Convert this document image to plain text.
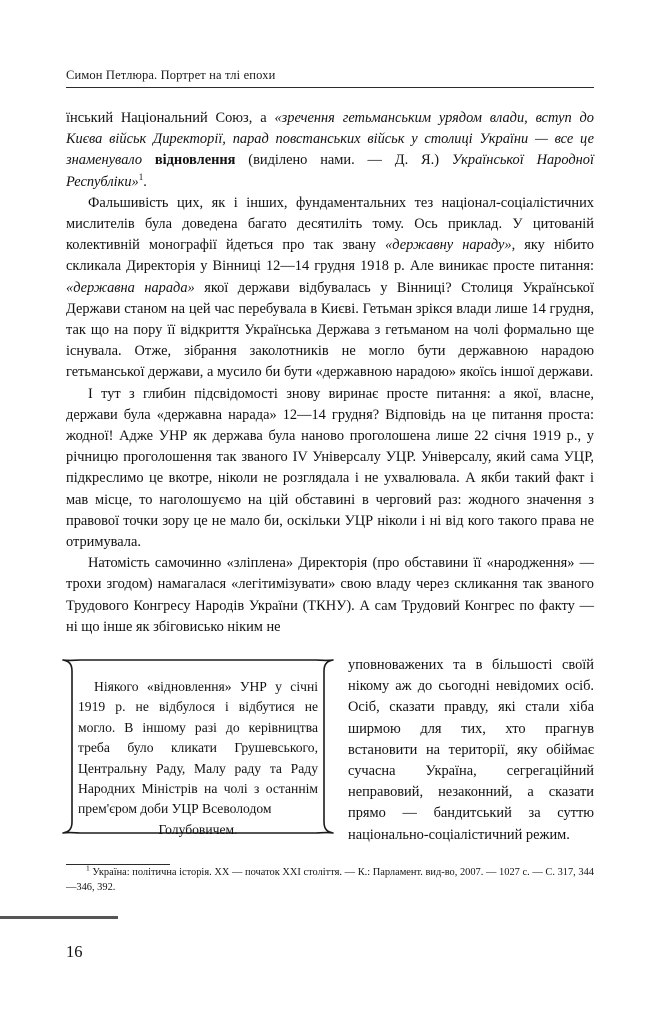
Симон Петлюра. Портрет на тлі епохи

їнський Національний Союз, а «зречення гетьманським урядом влади, вступ до Києва військ Директорії, парад повстанських військ у столиці України — все це знаменувало відновлення (виділено нами. — Д. Я.) Української Народної Республіки»$^1$.

Фальшивість цих, як і інших, фундаментальних тез націонал-соціалістичних мислителів була доведена багато десятиліть тому. Ось приклад. У цитованій колективній монографії йдеться про так звану «державну нараду», яку нібито скликала Директорія у Вінниці 12—14 грудня 1918 р. Але виникає просте питання: «державна нарада» якої держави відбувалась у Вінниці? Столиця Української Держави станом на цей час перебувала в Києві. Гетьман зрікся влади лише 14 грудня, так що на пору її відкриття Українська Держава з гетьманом на чолі формально ще існувала. Отже, зібрання заколотників не могло бути державною нарадою гетьманської держави, а мусило би бути «державною нарадою» якоїсь іншої держави.

І тут з глибин підсвідомості знову виринає просте питання: а якої, власне, держави була «державна нарада» 12—14 грудня? Відповідь на це питання проста: жодної! Адже УНР як держава була наново проголошена лише 22 січня 1919 р., у річницю проголошення так званого IV Універсалу УЦР. Універсалу, який сама УЦР, підкреслимо це вкотре, ніколи не розглядала і не ухвалювала. А якби такий факт і мав місце, то наголошуємо на цій обставині в черговий раз: жодного значення з правової точки зору це не мало би, оскільки УЦР ніколи і ні від кого такого права не отримувала.

Натомість самочинно «зліплена» Директорія (про обставини її «народження» — трохи згодом) намагалася «легітимізувати» свою владу через скликання так званого Трудового Конгресу Народів України (ТКНУ). А сам Трудовий Конгрес по факту — ні що інше як збіговисько ніким не

Ніякого «відновлення» УНР у січні 1919 р. не відбулося і відбутися не могло. В іншому разі до керівництва треба було кликати Грушевського, Центральну Раду, Малу раду та Раду Народних Міністрів на чолі з останнім прем'єром доби УЦР Всеволодом

Голубовичем.

уповноважених та в більшості своїй нікому аж до сьогодні невідомих осіб. Осіб, сказати правду, які стали хіба ширмою для тих, хто прагнув встановити на території, яку обіймає сучасна Україна, сегрегаційний неправовий, незаконний, а сказати прямо — бандитський за суттю національно-соціалістичний режим.

$^1$ Україна: політична історія. XX — початок XXI століття. — К.: Парламент. вид-во, 2007. — 1027 с. — С. 317, 344—346, 392.

16
